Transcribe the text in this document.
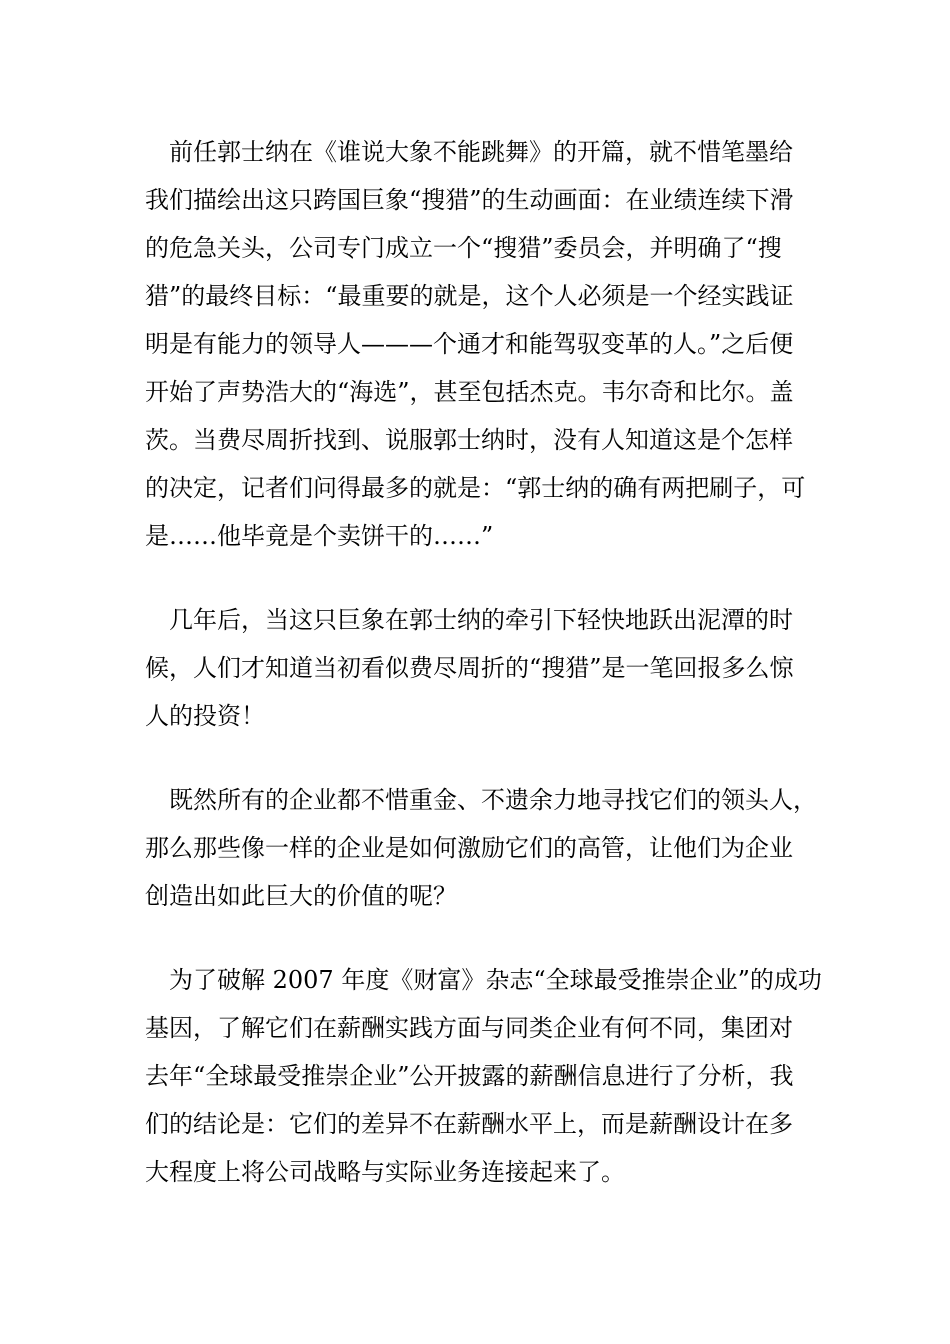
　前任郭士纳在《谁说大象不能跳舞》的开篇，就不惜笔墨给
我们描绘出这只跨国巨象“搜猎”的生动画面：在业绩连续下滑
的危急关头，公司专门成立一个“搜猎”委员会，并明确了“搜
猎”的最终目标：“最重要的就是，这个人必须是一个经实践证
明是有能力的领导人———个通才和能驾驭变革的人。”之后便
开始了声势浩大的“海选”，甚至包括杰克。韦尔奇和比尔。盖
茨。当费尽周折找到、说服郭士纳时，没有人知道这是个怎样
的决定，记者们问得最多的就是：“郭士纳的确有两把刷子，可
是……他毕竟是个卖饼干的……”
　几年后，当这只巨象在郭士纳的牵引下轻快地跃出泥潭的时
候，人们才知道当初看似费尽周折的“搜猎”是一笔回报多么惊
人的投资！
　既然所有的企业都不惜重金、不遗余力地寻找它们的领头人，
那么那些像一样的企业是如何激励它们的高管，让他们为企业
创造出如此巨大的价值的呢？
　为了破解 2007 年度《财富》杂志“全球最受推崇企业”的成功
基因，了解它们在薪酬实践方面与同类企业有何不同，集团对
去年“全球最受推崇企业”公开披露的薪酬信息进行了分析，我
们的结论是：它们的差异不在薪酬水平上，而是薪酬设计在多
大程度上将公司战略与实际业务连接起来了。
